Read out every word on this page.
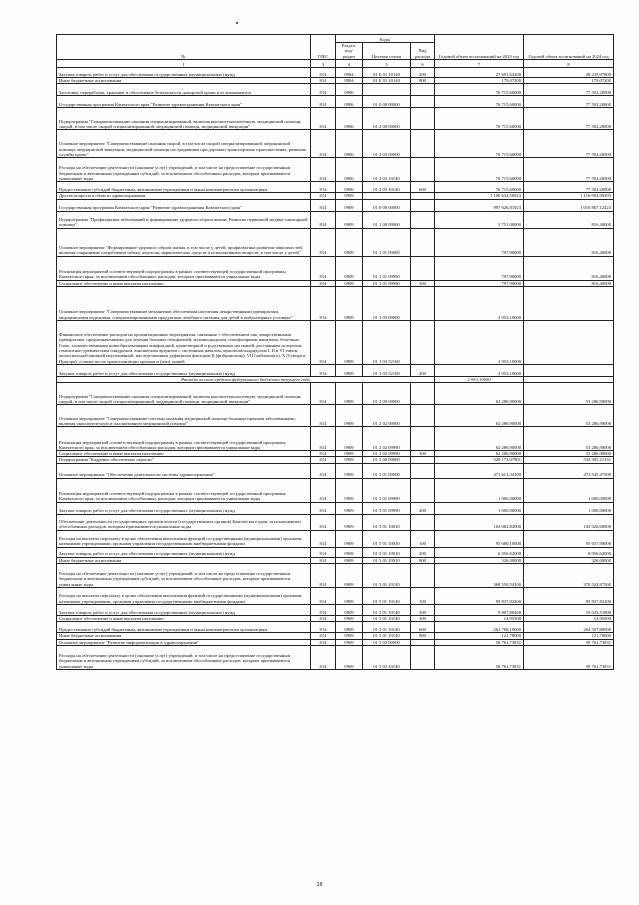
№	ГРБС	Коды			Годовой объем ассигнований на 2023 год	Годовой объем ассигнований на 2024 год
		Раздел, под- раздел	Целевая статья	Вид расхода		
1	3	4	5	6	7	8
Закупка товаров, работ и услуг для обеспечения государственных (муниципальных) нужд	814	0904	01 Б 01 10140	200	27 691,64200	28 235,97800
Иные бюджетные ассигнования	814	0904	01 Б 01 10140	800	179,07200	179,07200
Заготовка, переработка, хранение и обеспечение безопасности донорской крови и ее компонентов	814	0906			76 715,60000	77 502,20000
Государственная программа Камчатского края "Развитие здравоохранения Камчатского края"	814	0906	01 0 00 00000		76 715,60000	77 502,20000
Подпрограмма "Совершенствование оказания специализированной, включая высокотехнологичную, медицинской помощи, скорой, в том числе скорой специализированной, медицинской помощи, медицинской эвакуации"	814	0906	01 2 00 00000		76 715,60000	77 502,20000
Основное мероприятие "Совершенствование оказания скорой, в том числе скорой специализированной, медицинской помощи, медицинской эвакуации, медицинской помощи пострадавшим при дорожно-транспортных происшествиях, развитие службы крови"	814	0906	01 2 03 00000		76 715,60000	77 502,20000
Расходы на обеспечение деятельности (оказание услуг) учреждений, в том числе на предоставление государственным бюджетным и автономным учреждениям субсидий, за исключением обособленных расходов, которым присваиваются уникальные коды	814	0906	01 2 03 10140		76 715,60000	77 502,20000
Предоставление субсидий бюджетным, автономным учреждениям и иным некоммерческим организациям	814	0906	01 2 03 10140	600	76 715,60000	77 502,20000
Другие вопросы в области здравоохранения	814	0909			1 100 632,56823	1 116 094,99293
Государственная программа Камчатского края "Развитие здравоохранения Камчатского края"	814	0909	01 0 00 00000		997 626,81923	1 010 867,12423
Подпрограмма "Профилактика заболеваний и формирование здорового образа жизни. Развитие первичной медико-санитарной помощи"	814	0909	01 1 00 00000		3 751,00000	816,40000
Основное мероприятие "Формирование здорового образа жизни, в том числе у детей, профилактика развития зависимостей, включая сокращение потребления табака, алкоголя, наркотических средств и психоактивных веществ, в том числе у детей"	814	0909	01 1 01 00000		797,90000	816,40000
Реализация мероприятий соответствующей подпрограммы в рамках соответствующей государственной программы Камчатского края, за исключением обособленных расходов, которым присваиваются уникальные коды	814	0909	01 1 01 09990		797,90000	816,40000
Социальное обеспечение и иные выплаты населению	814	0909	01 1 01 09990	300	797,90000	816,40000
Основное мероприятие "Совершенствование механизмов обеспечения населения лекарственными препаратами, медицинскими изделиями, специализированными продуктами лечебного питания для детей в амбулаторных условиях"	814	0909	01 1 03 00000		2 953,10000	
Финансовое обеспечение расходов на организационные мероприятия, связанные с обеспечением лиц лекарственными препаратами, предназначенными для лечения больных гемофилией, муковисцидозом, гипофизарным нанизмом, болезнью Гоше, злокачественными новообразованиями лимфоидной, кроветворной и родственных им тканей, рассеянным склерозом, гемолитико-уремическим синдромом, юношеским артритом с системным началом, мукополисахаридозом I, II и VI типов, апластической анемией неуточненной, наследственным дефицитом факторов II (фибриногена), VII (лабильного), X (Стюарта-Прауэра), а также после трансплантации органов и (или) тканей	814	0909	01 1 03 52160		2 953,10000	
Закупка товаров, работ и услуг для обеспечения государственных (муниципальных) нужд	814	0909	01 1 03 52160	200	2 953,10000	
Расходы за счет средств федерального бюджета текущего года					2 953,10000	
Подпрограмма "Совершенствование оказания специализированной, включая высокотехнологичную, медицинской помощи, скорой, в том числе скорой специализированной, медицинской помощи, медицинской эвакуации"	814	0909	01 2 00 00000		62 286,90000	53 286,90000
Основное мероприятие "Совершенствование системы оказания медицинской помощи больным прочими заболеваниями, включая онкологическую и паллиативную медицинской помощи"	814	0909	01 2 02 00000		62 286,90000	53 286,90000
Реализация мероприятий соответствующей подпрограммы в рамках соответствующей государственной программы Камчатского края, за исключением обособленных расходов, которым присваиваются уникальные коды	814	0909	01 2 02 09990		62 286,90000	53 286,90000
Социальное обеспечение и иные выплаты населению	814	0909	01 2 02 09990	300	62 286,90000	53 286,90000
Подпрограмма "Кадровое обеспечение отрасли"	814	0909	01 5 00 00000		520 173,07901	532 305,21331
Основное мероприятие "Обеспечение деятельности системы здравоохранения"	814	0909	01 5 01 00000		471 613,34100	473 545,47500
Реализация мероприятий соответствующей подпрограммы в рамках соответствующей государственной программы Камчатского края, за исключением обособленных расходов, которым присваиваются уникальные коды	814	0909	01 5 01 09990		1 000,00000	1 000,00000
Закупка товаров, работ и услуг для обеспечения государственных (муниципальных) нужд	814	0909	01 5 01 09990	200	1 000,00000	1 000,00000
Обеспечение деятельности государственных органов власти (государственных органов) Камчатского края, за исключением обособленных расходов, которым присваиваются уникальные коды	814	0909	01 5 01 10010		102 062,82000	102 026,60000
Расходы на выплаты персоналу в целях обеспечения выполнения функций государственными (муниципальными) органами, казенными учреждениями, органами управления государственными внебюджетными фондами	814	0909	01 5 01 10010	100	95 680,10000	95 657,90000
Закупка товаров, работ и услуг для обеспечения государственных (муниципальных) нужд	814	0909	01 5 01 10010	200	6 056,62000	6 056,62000
Иные бюджетные ассигнования	814	0909	01 5 01 10010	800	326,00000	326,00000
Расходы на обеспечение деятельности (оказание услуг) учреждений, в том числе на предоставление государственным бюджетным и автономным учреждениям субсидий, за исключением обособленных расходов, которым присваиваются уникальные коды	814	0909	01 5 01 10140		368 550,54100	370 522,87500
Расходы на выплаты персоналу в целях обеспечения выполнения функций государственными (муниципальными) органами, казенными учреждениями, органами управления государственными внебюджетными фондами	814	0909	01 5 01 10140	100	95 837,82200	95 837,82200
Закупка товаров, работ и услуг для обеспечения государственных (муниципальных) нужд	814	0909	01 5 01 10140	200	9 807,88400	10 043,51800
Социальное обеспечение и иные выплаты населению	814	0909	01 5 01 10140	300	14,95500	14,95500
Предоставление субсидий бюджетным, автономным учреждениям и иным некоммерческим организациям	814	0909	01 5 01 10140	600	262 768,10000	264 507,80000
Иные бюджетные ассигнования	814	0909	01 5 01 10140	800	121,78000	121,78000
Основное мероприятие "Развитие информатизации в здравоохранении"	814	0909	01 5 02 00000		58 761,73831	58 761,73831
Расходы на обеспечение деятельности (оказание услуг) учреждений, в том числе на предоставление государственным бюджетным и автономным учреждениям субсидий, за исключением обособленных расходов, которым присваиваются уникальные коды	814	0909	01 5 02 10140		58 761,73831	58 761,73831
28
